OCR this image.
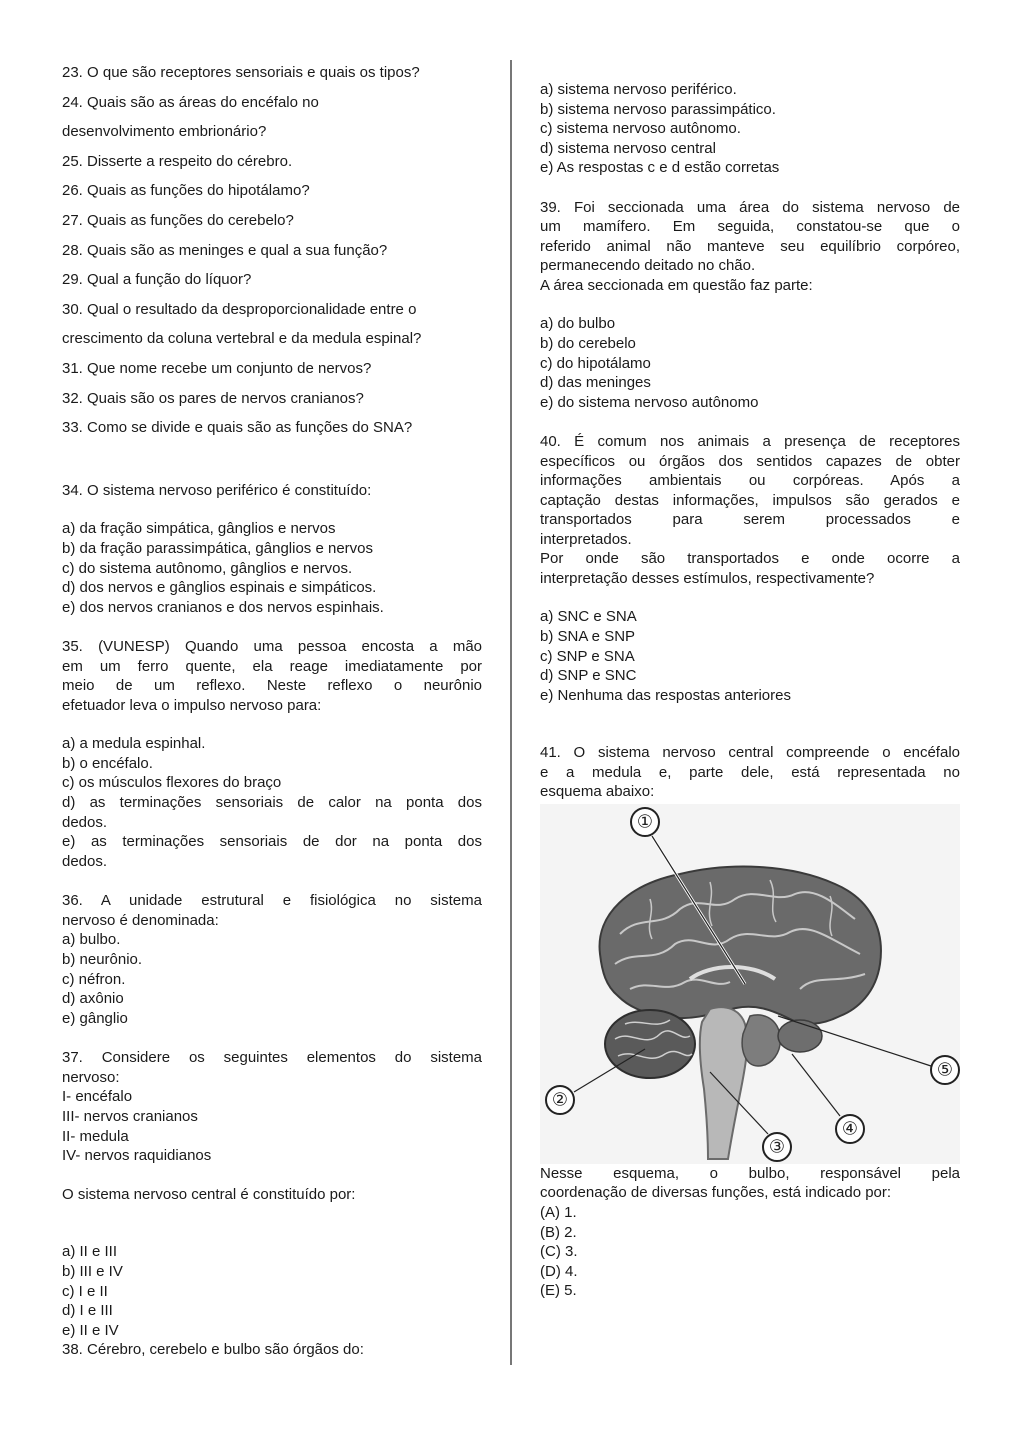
23. O que são receptores sensoriais e quais os tipos?
24. Quais são as áreas do encéfalo no
desenvolvimento embrionário?
25. Disserte a respeito do cérebro.
26. Quais as funções do hipotálamo?
27. Quais as funções do cerebelo?
28. Quais são as meninges e qual a sua função?
29. Qual a função do líquor?
30. Qual o resultado da desproporcionalidade entre o
crescimento da coluna vertebral e da medula espinal?
31. Que nome recebe um conjunto de nervos?
32. Quais são os pares de nervos cranianos?
33. Como se divide e quais são as funções do SNA?
34. O sistema nervoso periférico é constituído:
a) da fração simpática, gânglios e nervos
b) da fração parassimpática, gânglios e nervos
c) do sistema autônomo, gânglios e nervos.
d) dos nervos e gânglios espinais e simpáticos.
e) dos nervos cranianos e dos nervos espinhais.
35. (VUNESP) Quando uma pessoa encosta a mão
em um ferro quente, ela reage imediatamente por
meio de um reflexo. Neste reflexo o neurônio
efetuador leva o impulso nervoso para:
a) a medula espinhal.
b) o encéfalo.
c) os músculos flexores do braço
d) as terminações sensoriais de calor na ponta dos
dedos.
e) as terminações sensoriais de dor na ponta dos
dedos.
36. A unidade estrutural e fisiológica no sistema
nervoso é denominada:
a) bulbo.
b) neurônio.
c) néfron.
d) axônio
e) gânglio
37. Considere os seguintes elementos do sistema
nervoso:
I- encéfalo
III- nervos cranianos
II- medula
IV- nervos raquidianos
O sistema nervoso central é constituído por:
a) II e III
b) III e IV
c) I e II
d) I e III
e) II e IV
38. Cérebro, cerebelo e bulbo são órgãos do:
a) sistema nervoso periférico.
b) sistema nervoso parassimpático.
c) sistema nervoso autônomo.
d) sistema nervoso central
e) As respostas c e d estão corretas
39. Foi seccionada uma área do sistema nervoso de
um mamífero. Em seguida, constatou-se que o
referido animal não manteve seu equilíbrio corpóreo,
permanecendo deitado no chão.
A área seccionada em questão faz parte:
a) do bulbo
b) do cerebelo
c) do hipotálamo
d) das meninges
e) do sistema nervoso autônomo
40. É comum nos animais a presença de receptores
específicos ou órgãos dos sentidos capazes de obter
informações ambientais ou corpóreas. Após a
captação destas informações, impulsos são gerados e
transportados para serem processados e
interpretados.
Por onde são transportados e onde ocorre a
interpretação desses estímulos, respectivamente?
a) SNC e SNA
b) SNA e SNP
c) SNP e SNA
d) SNP e SNC
e) Nenhuma das respostas anteriores
41. O sistema nervoso central compreende o encéfalo
e a medula e, parte dele, está representada no
esquema abaixo:
①
②
③
④
⑤
Nesse esquema, o bulbo, responsável pela
coordenação de diversas funções, está indicado por:
(A) 1.
(B) 2.
(C) 3.
(D) 4.
(E) 5.
